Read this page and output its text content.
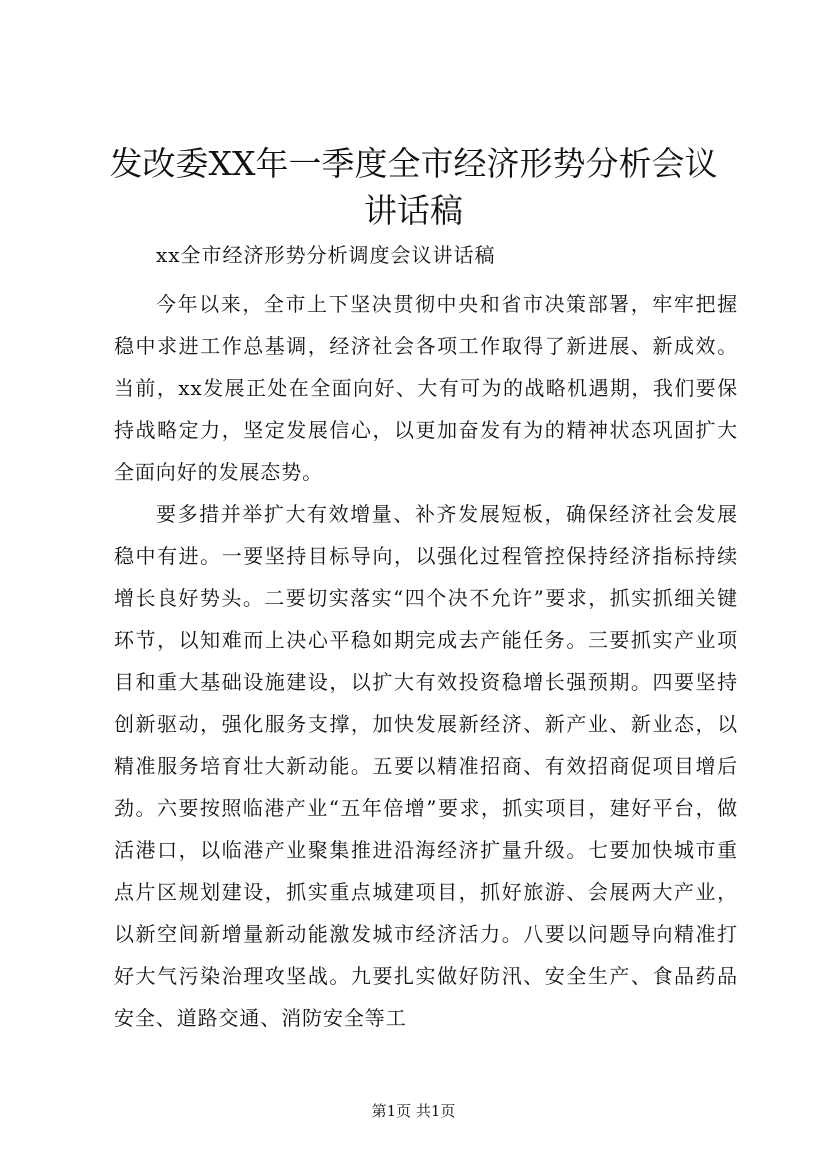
发改委XX年一季度全市经济形势分析会议讲话稿
xx全市经济形势分析调度会议讲话稿

今年以来，全市上下坚决贯彻中央和省市决策部署，牢牢把握稳中求进工作总基调，经济社会各项工作取得了新进展、新成效。当前，xx发展正处在全面向好、大有可为的战略机遇期，我们要保持战略定力，坚定发展信心，以更加奋发有为的精神状态巩固扩大全面向好的发展态势。

要多措并举扩大有效增量、补齐发展短板，确保经济社会发展稳中有进。一要坚持目标导向，以强化过程管控保持经济指标持续增长良好势头。二要切实落实“四个决不允许”要求，抓实抓细关键环节，以知难而上决心平稳如期完成去产能任务。三要抓实产业项目和重大基础设施建设，以扩大有效投资稳增长强预期。四要坚持创新驱动，强化服务支撑，加快发展新经济、新产业、新业态，以精准服务培育壮大新动能。五要以精准招商、有效招商促项目增后劲。六要按照临港产业“五年倍增”要求，抓实项目，建好平台，做活港口，以临港产业聚集推进沿海经济扩量升级。七要加快城市重点片区规划建设，抓实重点城建项目，抓好旅游、会展两大产业，以新空间新增量新动能激发城市经济活力。八要以问题导向精准打好大气污染治理攻坚战。九要扎实做好防汛、安全生产、食品药品安全、道路交通、消防安全等工

第1页 共1页
